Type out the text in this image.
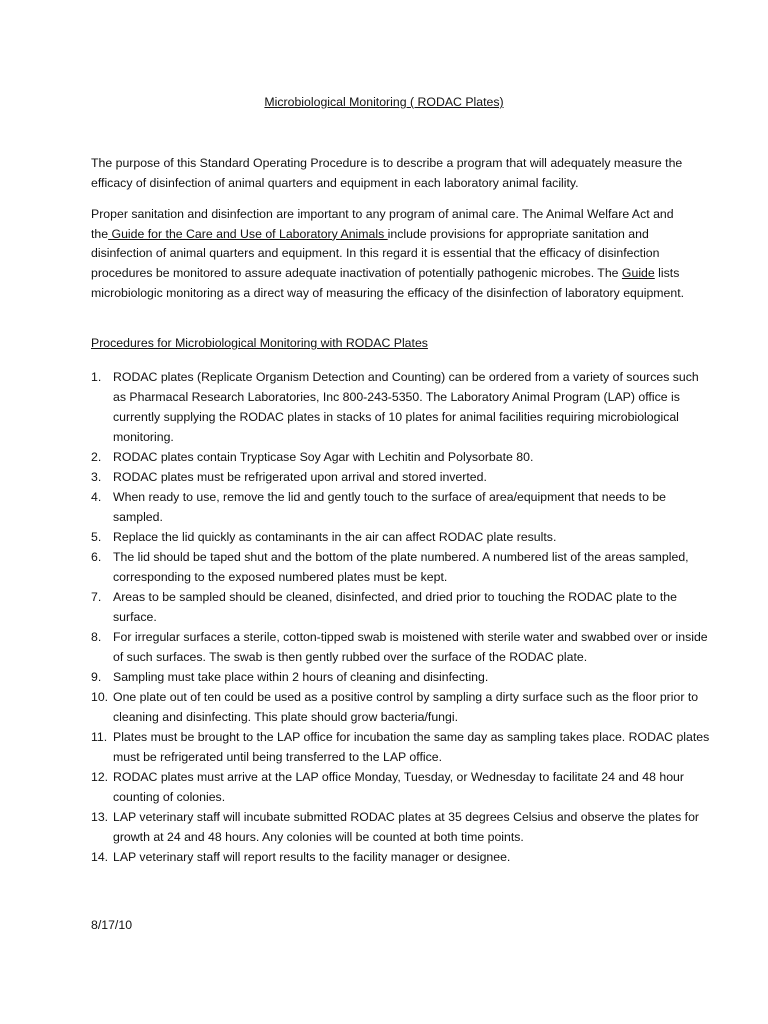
Microbiological Monitoring ( RODAC Plates)
The purpose of this Standard Operating Procedure is to describe a program that will adequately measure the efficacy of disinfection of animal quarters and equipment in each laboratory animal facility.
Proper sanitation and disinfection are important to any program of animal care. The Animal Welfare Act and the Guide for the Care and Use of Laboratory Animals include provisions for appropriate sanitation and disinfection of animal quarters and equipment. In this regard it is essential that the efficacy of disinfection procedures be monitored to assure adequate inactivation of potentially pathogenic microbes. The Guide lists microbiologic monitoring as a direct way of measuring the efficacy of the disinfection of laboratory equipment.
Procedures for Microbiological Monitoring with RODAC Plates
1. RODAC plates (Replicate Organism Detection and Counting) can be ordered from a variety of sources such as Pharmacal Research Laboratories, Inc 800-243-5350. The Laboratory Animal Program (LAP) office is currently supplying the RODAC plates in stacks of 10 plates for animal facilities requiring microbiological monitoring.
2. RODAC plates contain Trypticase Soy Agar with Lechitin and Polysorbate 80.
3. RODAC plates must be refrigerated upon arrival and stored inverted.
4. When ready to use, remove the lid and gently touch to the surface of area/equipment that needs to be sampled.
5. Replace the lid quickly as contaminants in the air can affect RODAC plate results.
6. The lid should be taped shut and the bottom of the plate numbered. A numbered list of the areas sampled, corresponding to the exposed numbered plates must be kept.
7. Areas to be sampled should be cleaned, disinfected, and dried prior to touching the RODAC plate to the surface.
8. For irregular surfaces a sterile, cotton-tipped swab is moistened with sterile water and swabbed over or inside of such surfaces. The swab is then gently rubbed over the surface of the RODAC plate.
9. Sampling must take place within 2 hours of cleaning and disinfecting.
10. One plate out of ten could be used as a positive control by sampling a dirty surface such as the floor prior to cleaning and disinfecting. This plate should grow bacteria/fungi.
11. Plates must be brought to the LAP office for incubation the same day as sampling takes place. RODAC plates must be refrigerated until being transferred to the LAP office.
12. RODAC plates must arrive at the LAP office Monday, Tuesday, or Wednesday to facilitate 24 and 48 hour counting of colonies.
13. LAP veterinary staff will incubate submitted RODAC plates at 35 degrees Celsius and observe the plates for growth at 24 and 48 hours. Any colonies will be counted at both time points.
14. LAP veterinary staff will report results to the facility manager or designee.
8/17/10
